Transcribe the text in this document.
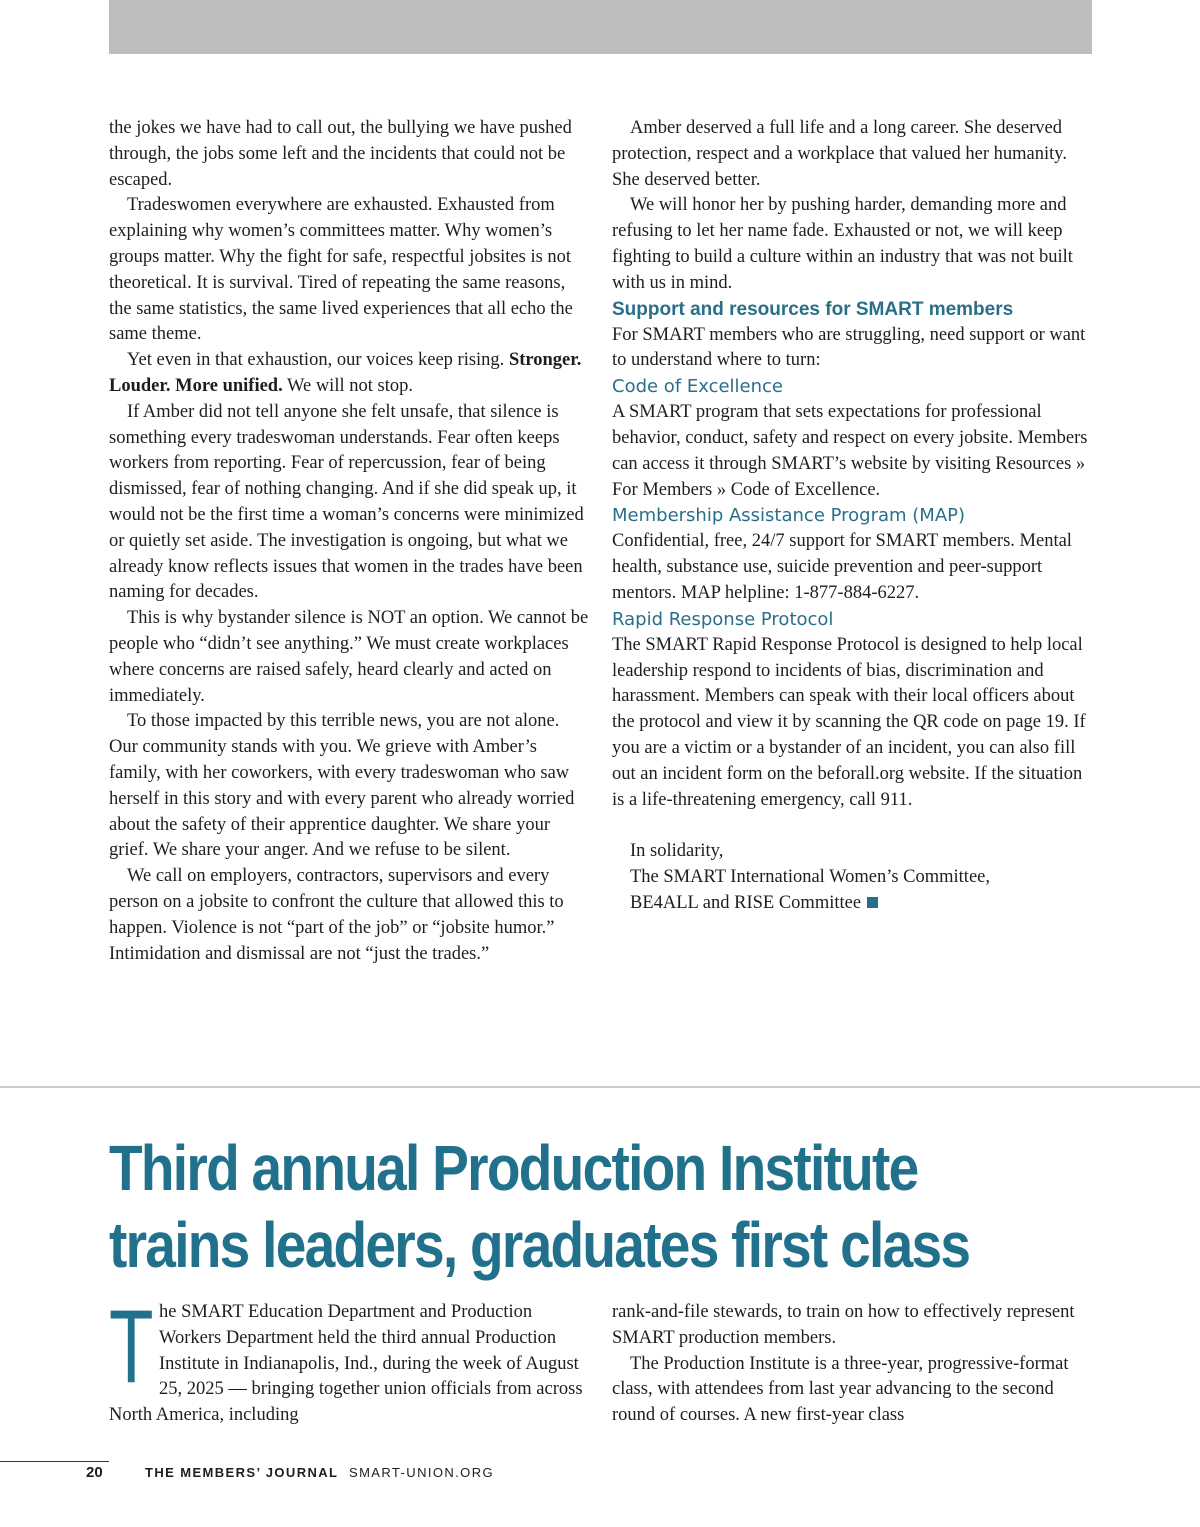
the jokes we have had to call out, the bullying we have pushed through, the jobs some left and the incidents that could not be escaped.

Tradeswomen everywhere are exhausted. Exhausted from explaining why women’s committees matter. Why women’s groups matter. Why the fight for safe, respectful jobsites is not theoretical. It is survival. Tired of repeating the same reasons, the same statistics, the same lived experiences that all echo the same theme.

Yet even in that exhaustion, our voices keep rising. Stronger. Louder. More unified. We will not stop.

If Amber did not tell anyone she felt unsafe, that silence is something every tradeswoman understands. Fear often keeps workers from reporting. Fear of repercussion, fear of being dismissed, fear of nothing changing. And if she did speak up, it would not be the first time a woman’s concerns were minimized or quietly set aside. The investigation is ongoing, but what we already know reflects issues that women in the trades have been naming for decades.

This is why bystander silence is NOT an option. We cannot be people who “didn’t see anything.” We must create workplaces where concerns are raised safely, heard clearly and acted on immediately.

To those impacted by this terrible news, you are not alone. Our community stands with you. We grieve with Amber’s family, with her coworkers, with every tradeswoman who saw herself in this story and with every parent who already worried about the safety of their apprentice daughter. We share your grief. We share your anger. And we refuse to be silent.

We call on employers, contractors, supervisors and every person on a jobsite to confront the culture that allowed this to happen. Violence is not “part of the job” or “jobsite humor.” Intimidation and dismissal are not “just the trades.”

Amber deserved a full life and a long career. She deserved protection, respect and a workplace that valued her humanity. She deserved better.

We will honor her by pushing harder, demanding more and refusing to let her name fade. Exhausted or not, we will keep fighting to build a culture within an industry that was not built with us in mind.

Support and resources for SMART members

For SMART members who are struggling, need support or want to understand where to turn:

Code of Excellence

A SMART program that sets expectations for professional behavior, conduct, safety and respect on every jobsite. Members can access it through SMART’s website by visiting Resources » For Members » Code of Excellence.

Membership Assistance Program (MAP)

Confidential, free, 24/7 support for SMART members. Mental health, substance use, suicide prevention and peer-support mentors. MAP helpline: 1-877-884-6227.

Rapid Response Protocol

The SMART Rapid Response Protocol is designed to help local leadership respond to incidents of bias, discrimination and harassment. Members can speak with their local officers about the protocol and view it by scanning the QR code on page 19. If you are a victim or a bystander of an incident, you can also fill out an incident form on the beforall.org website. If the situation is a life-threatening emergency, call 911.

In solidarity,
The SMART International Women’s Committee,
BE4ALL and RISE Committee
Third annual Production Institute
trains leaders, graduates first class
T he SMART Education Department and Production Workers Department held the third annual Production Institute in Indianapolis, Ind., during the week of August 25, 2025 — bringing together union officials from across North America, including

rank-and-file stewards, to train on how to effectively represent SMART production members.

The Production Institute is a three-year, progressive-format class, with attendees from last year advancing to the second round of courses. A new first-year class

20	THE MEMBERS’ JOURNAL SMART-UNION.ORG
